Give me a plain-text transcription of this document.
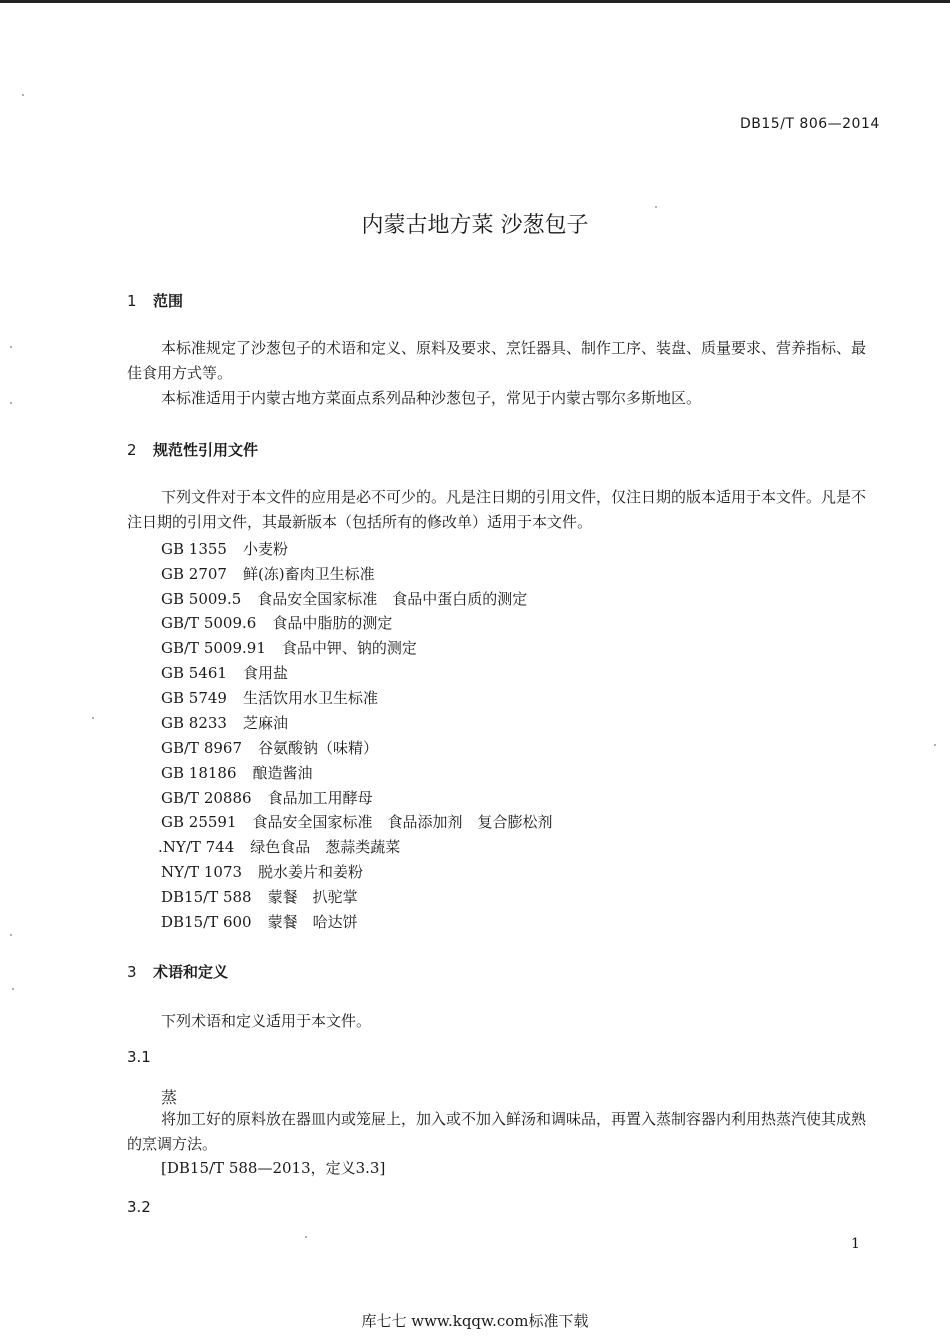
DB15/T 806—2014
内蒙古地方菜 沙葱包子
1 范围
本标准规定了沙葱包子的术语和定义、原料及要求、烹饪器具、制作工序、装盘、质量要求、营养指标、最佳食用方式等。
本标准适用于内蒙古地方菜面点系列品种沙葱包子，常见于内蒙古鄂尔多斯地区。
2 规范性引用文件
下列文件对于本文件的应用是必不可少的。凡是注日期的引用文件，仅注日期的版本适用于本文件。凡是不注日期的引用文件，其最新版本（包括所有的修改单）适用于本文件。
GB 1355 小麦粉
GB 2707 鲜(冻)畜肉卫生标准
GB 5009.5 食品安全国家标准　食品中蛋白质的测定
GB/T 5009.6 食品中脂肪的测定
GB/T 5009.91 食品中钾、钠的测定
GB 5461 食用盐
GB 5749 生活饮用水卫生标准
GB 8233 芝麻油
GB/T 8967 谷氨酸钠（味精）
GB 18186 酿造酱油
GB/T 20886 食品加工用酵母
GB 25591 食品安全国家标准　食品添加剂　复合膨松剂
.NY/T 744 绿色食品　葱蒜类蔬菜
NY/T 1073 脱水姜片和姜粉
DB15/T 588 蒙餐　扒驼掌
DB15/T 600 蒙餐　哈达饼
3 术语和定义
下列术语和定义适用于本文件。
3.1
蒸
将加工好的原料放在器皿内或笼屉上，加入或不加入鲜汤和调味品，再置入蒸制容器内利用热蒸汽使其成熟的烹调方法。
[DB15/T 588—2013，定义3.3]
3.2
1
库七七 www.kqqw.com标准下载
